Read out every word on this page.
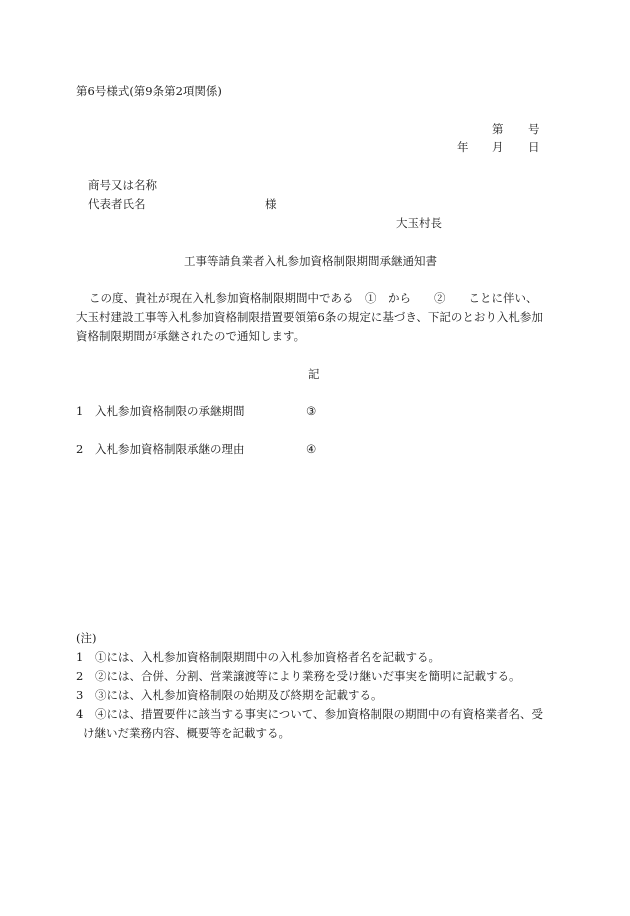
第6号様式(第9条第2項関係)
第 号
年 月 日
商号又は名称
代表者氏名	様
大玉村長
工事等請負業者入札参加資格制限期間承継通知書
この度、貴社が現在入札参加資格制限期間中である　①　から　　②　　ことに伴い、
大玉村建設工事等入札参加資格制限措置要領第6条の規定に基づき、下記のとおり入札参加
資格制限期間が承継されたので通知します。
記
1 入札参加資格制限の承継期間	③
2 入札参加資格制限承継の理由	④
(注)
1 ①には、入札参加資格制限期間中の入札参加資格者名を記載する。
2 ②には、合併、分割、営業譲渡等により業務を受け継いだ事実を簡明に記載する。
3 ③には、入札参加資格制限の始期及び終期を記載する。
4 ④には、措置要件に該当する事実について、参加資格制限の期間中の有資格業者名、受
け継いだ業務内容、概要等を記載する。
